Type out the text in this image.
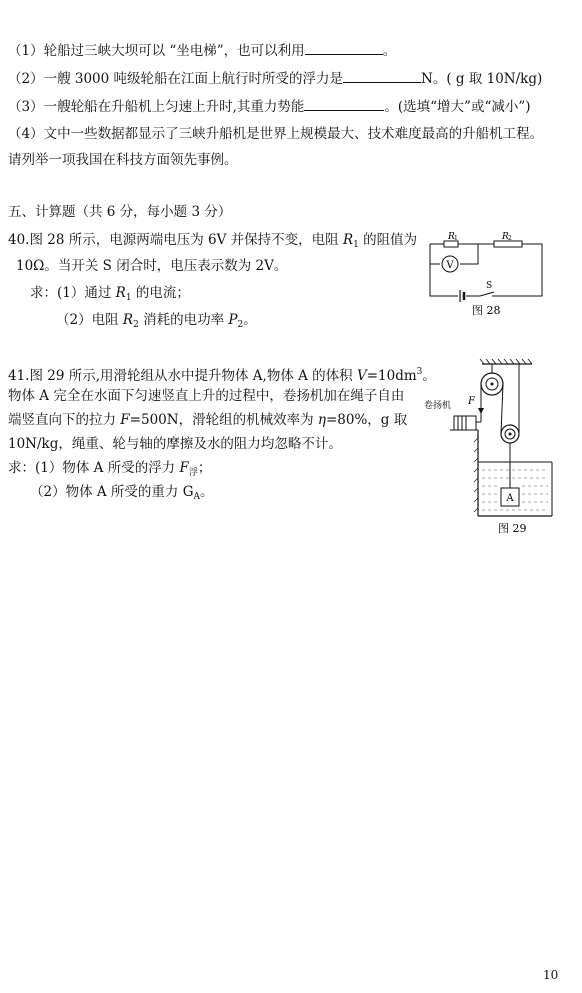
（1）轮船过三峡大坝可以 “坐电梯”，也可以利用	。
（2）一艘 3000 吨级轮船在江面上航行时所受的浮力是	N。( g 取 10N/kg)
（3）一艘轮船在升船机上匀速上升时,其重力势能	。(选填“增大”或“减小”)
（4）文中一些数据都显示了三峡升船机是世界上规模最大、技术难度最高的升船机工程。
请列举一项我国在科技方面领先事例。
五、计算题（共 6 分，每小题 3 分）
40.图 28 所示，电源两端电压为 6V 并保持不变，电阻 $R_1$ 的阻值为
10Ω。当开关 S 闭合时，电压表示数为 2V。
求：(1）通过 $R_1$ 的电流；
（2）电阻 $R_2$ 消耗的电功率 $P_2$。
V
R 1	R 2
S
图 28
41.图 29 所示,用滑轮组从水中提升物体 A,物体 A 的体积 $V=10dm^3$。
物体 A 完全在水面下匀速竖直上升的过程中，卷扬机加在绳子自由
端竖直向下的拉力 F=500N，滑轮组的机械效率为 η=80%，g 取
10N/kg，绳重、轮与轴的摩擦及水的阻力均忽略不计。
求：(1）物体 A 所受的浮力 $F_浮$；
（2）物体 A 所受的重力 $G_A$。
F
卷扬机
A
图 29
10
